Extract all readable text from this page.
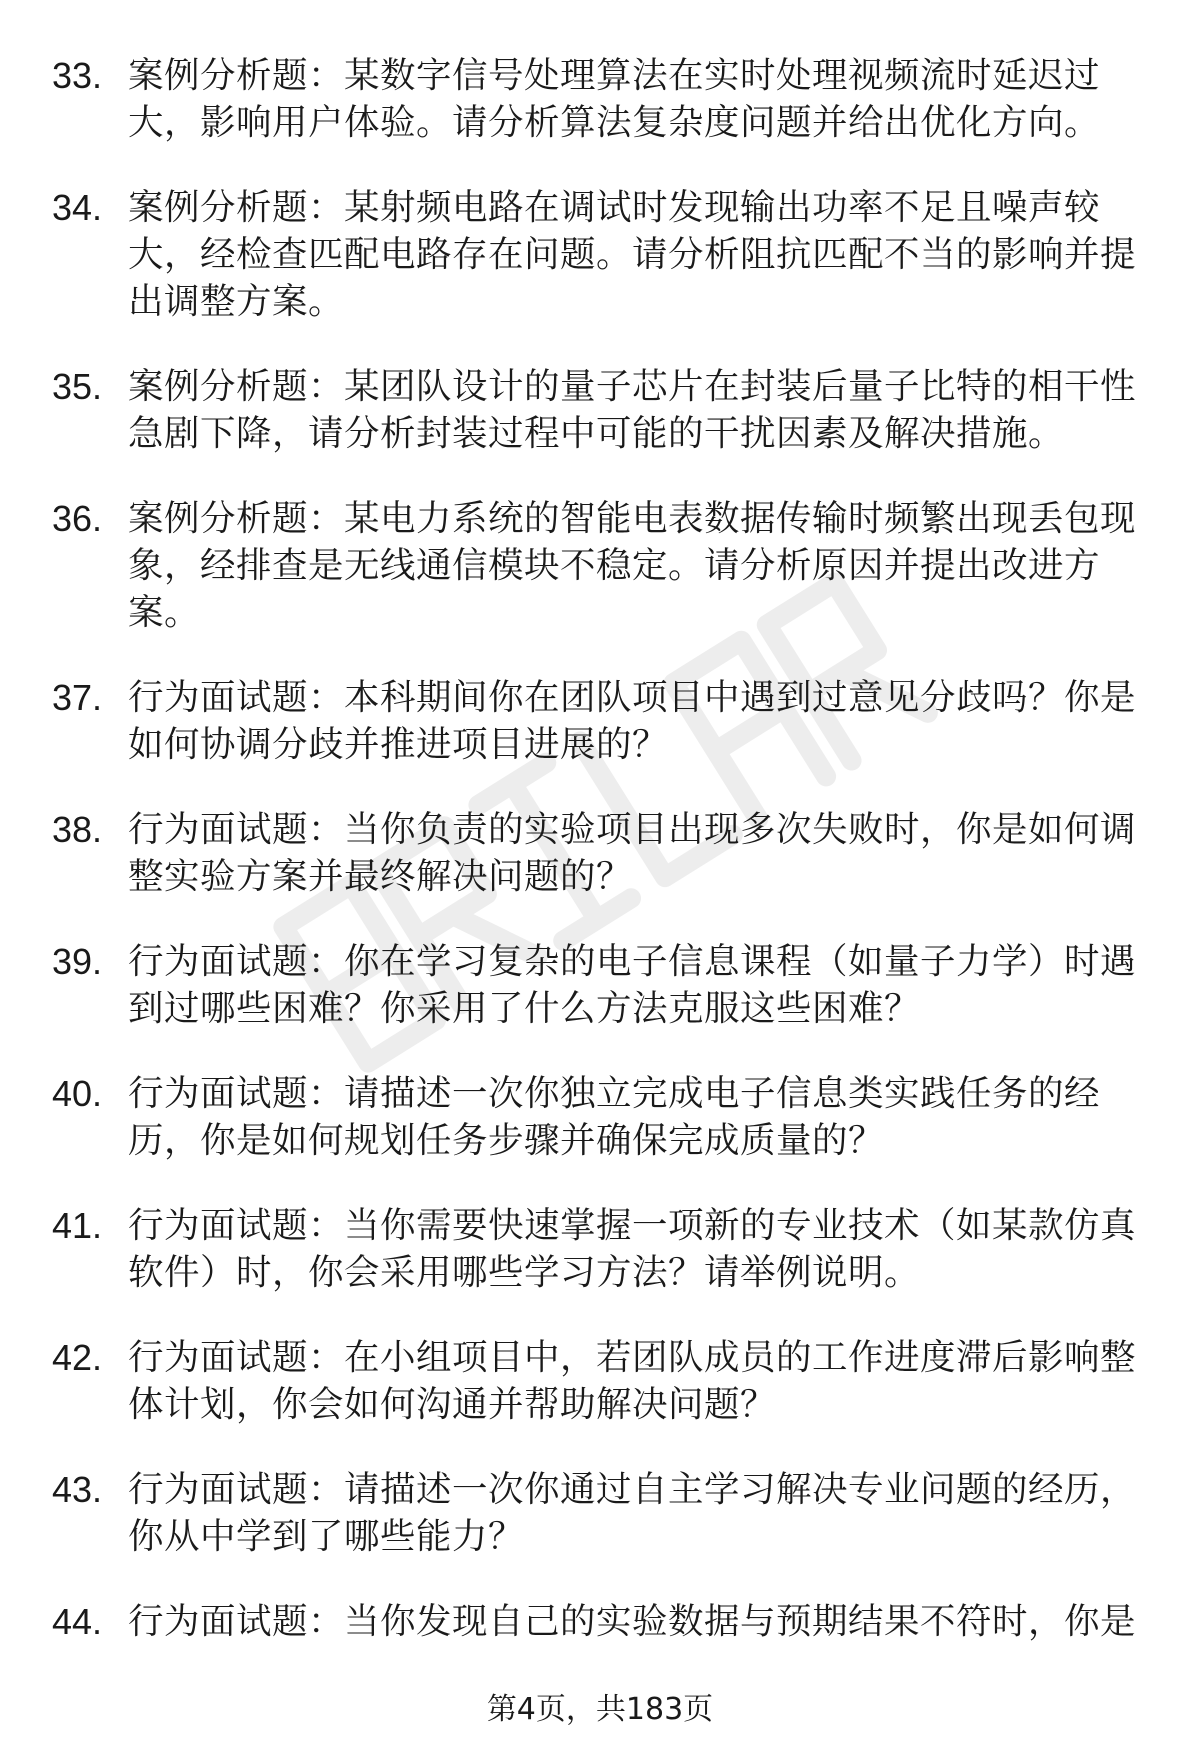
33. 案例分析题：某数字信号处理算法在实时处理视频流时延迟过大，影响用户体验。请分析算法复杂度问题并给出优化方向。
34. 案例分析题：某射频电路在调试时发现输出功率不足且噪声较大，经检查匹配电路存在问题。请分析阻抗匹配不当的影响并提出调整方案。
35. 案例分析题：某团队设计的量子芯片在封装后量子比特的相干性急剧下降，请分析封装过程中可能的干扰因素及解决措施。
36. 案例分析题：某电力系统的智能电表数据传输时频繁出现丢包现象，经排查是无线通信模块不稳定。请分析原因并提出改进方案。
37. 行为面试题：本科期间你在团队项目中遇到过意见分歧吗？你是如何协调分歧并推进项目进展的？
38. 行为面试题：当你负责的实验项目出现多次失败时，你是如何调整实验方案并最终解决问题的？
39. 行为面试题：你在学习复杂的电子信息课程（如量子力学）时遇到过哪些困难？你采用了什么方法克服这些困难？
40. 行为面试题：请描述一次你独立完成电子信息类实践任务的经历，你是如何规划任务步骤并确保完成质量的？
41. 行为面试题：当你需要快速掌握一项新的专业技术（如某款仿真软件）时，你会采用哪些学习方法？请举例说明。
42. 行为面试题：在小组项目中，若团队成员的工作进度滞后影响整体计划，你会如何沟通并帮助解决问题？
43. 行为面试题：请描述一次你通过自主学习解决专业问题的经历，你从中学到了哪些能力？
44. 行为面试题：当你发现自己的实验数据与预期结果不符时，你是
第4页，共183页
